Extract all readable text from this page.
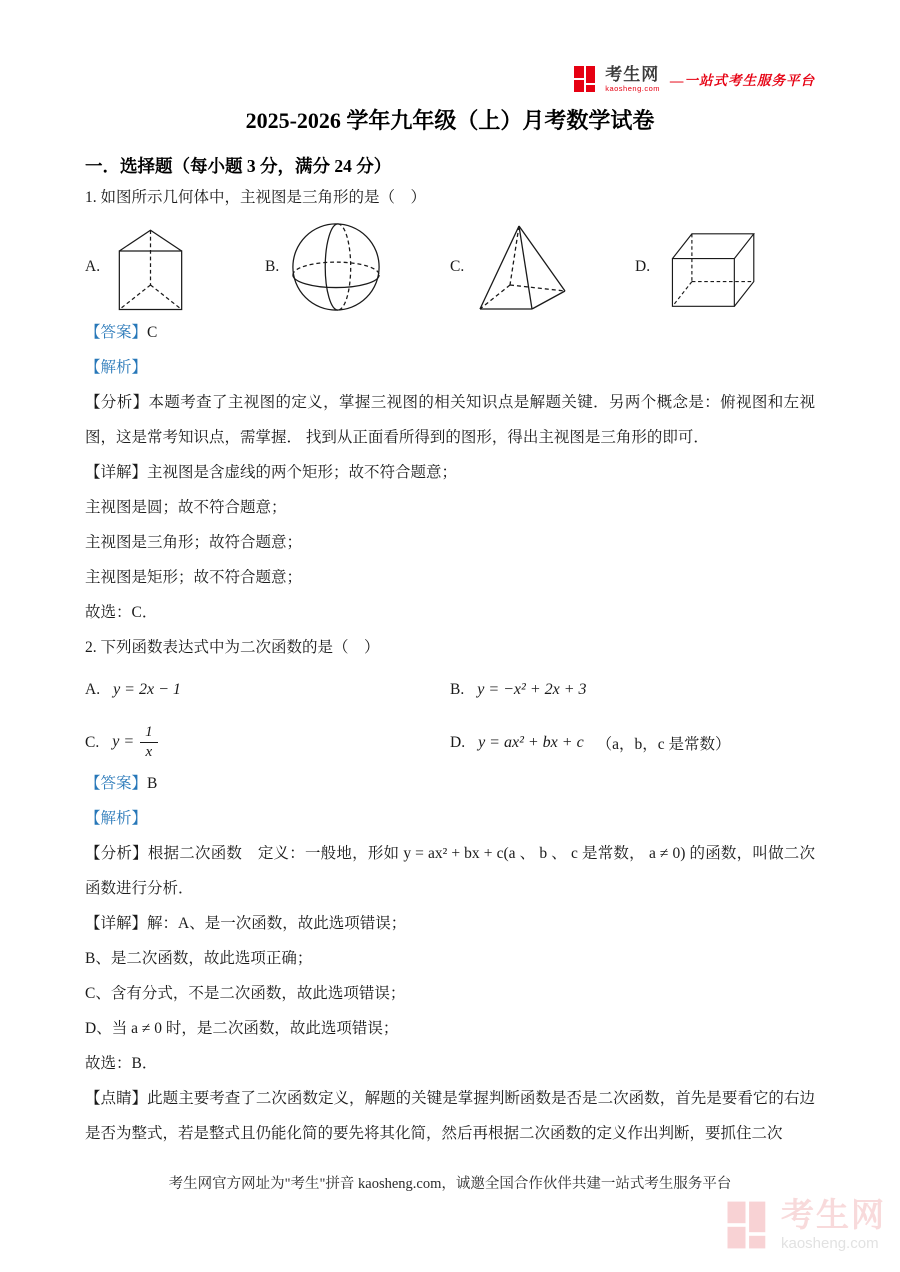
考生网
kaosheng.com
—一站式考生服务平台
2025-2026 学年九年级（上）月考数学试卷
一．选择题（每小题 3 分，满分 24 分）

1. 如图所示几何体中，主视图是三角形的是（　）

A.	B.	C.	D.

【答案】C

【解析】

【分析】本题考查了主视图的定义，掌握三视图的相关知识点是解题关键．另两个概念是：俯视图和左视图，这是常考知识点，需掌握． 找到从正面看所得到的图形，得出主视图是三角形的即可．

【详解】主视图是含虚线的两个矩形；故不符合题意；

主视图是圆；故不符合题意；

主视图是三角形；故符合题意；

主视图是矩形；故不符合题意；

故选：C．

2. 下列函数表达式中为二次函数的是（　）

A. y = 2x − 1	B. y = −x² + 2x + 3
C. $y = \frac{1}{x}$	D. y = ax² + bx + c （a，b，c 是常数）

【答案】B

【解析】

【分析】根据二次函数　定义：一般地，形如 y = ax² + bx + c(a 、 b 、 c 是常数， a ≠ 0) 的函数，叫做二次函数进行分析．

【详解】解：A、是一次函数，故此选项错误；

B、是二次函数，故此选项正确；

C、含有分式，不是二次函数，故此选项错误；

D、当 a ≠ 0 时，是二次函数，故此选项错误；

故选：B．

【点睛】此题主要考查了二次函数定义，解题的关键是掌握判断函数是否是二次函数，首先是要看它的右边是否为整式，若是整式且仍能化简的要先将其化简，然后再根据二次函数的定义作出判断，要抓住二次

考生网官方网址为"考生"拼音 kaosheng.com，诚邀全国合作伙伴共建一站式考生服务平台
考生网
kaosheng.com
